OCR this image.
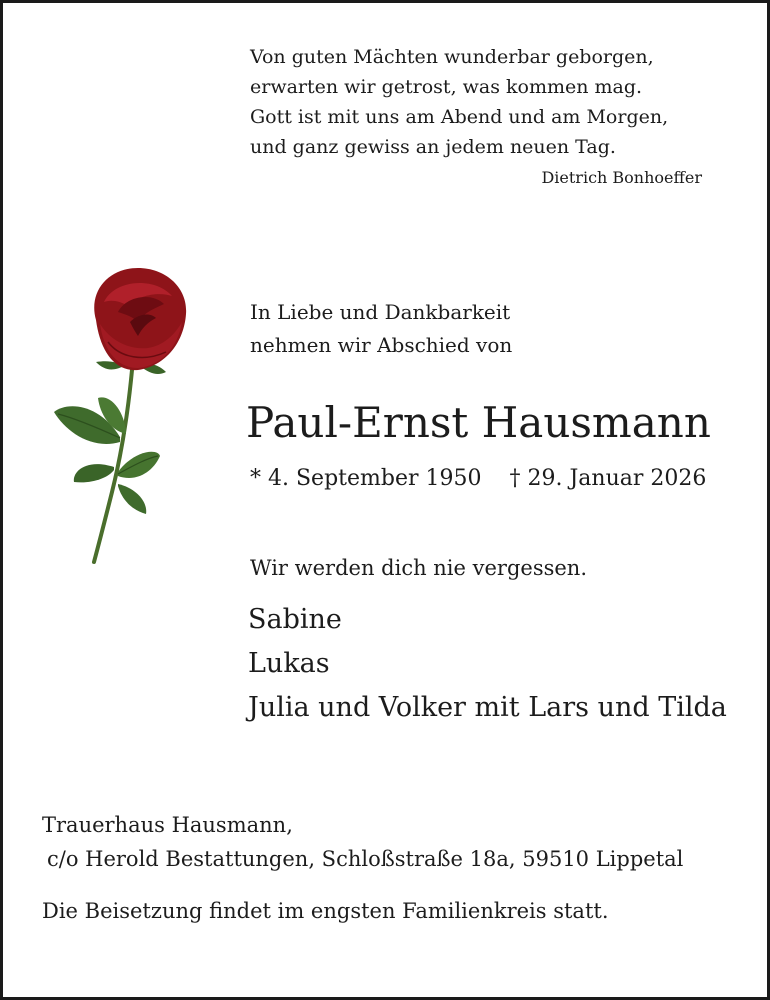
Von guten Mächten wunderbar geborgen,
erwarten wir getrost, was kommen mag.
Gott ist mit uns am Abend und am Morgen,
und ganz gewiss an jedem neuen Tag.
Dietrich Bonhoeffer
In Liebe und Dankbarkeit
nehmen wir Abschied von
Paul-Ernst Hausmann
* 4. September 1950 † 29. Januar 2026
Wir werden dich nie vergessen.
Sabine
Lukas
Julia und Volker mit Lars und Tilda
Trauerhaus Hausmann,
c/o Herold Bestattungen, Schloßstraße 18a, 59510 Lippetal
Die Beisetzung findet im engsten Familienkreis statt.
